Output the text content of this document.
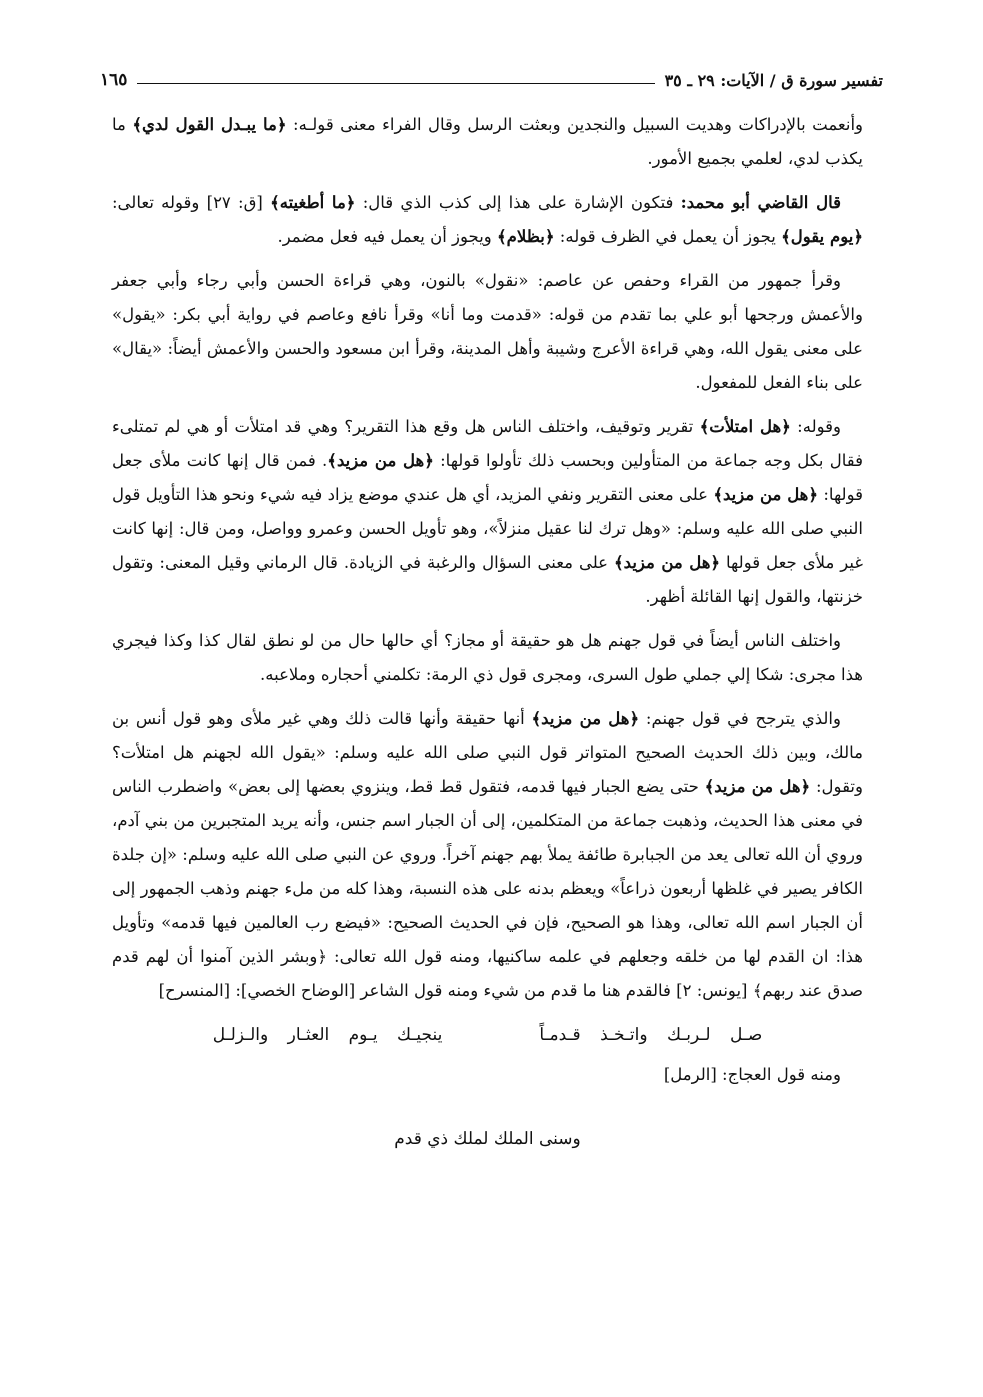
تفسير سورة ق / الآيات: ٢٩ ـ ٣٥
١٦٥

وأنعمت بالإدراكات وهديت السبيل والنجدين وبعثت الرسل وقال الفراء معنى قولـه: ﴿ما يبـدل القول لدي﴾ ما يكذب لدي، لعلمي بجميع الأمور.

قال القاضي أبو محمد: فتكون الإشارة على هذا إلى كذب الذي قال: ﴿ما أطغيته﴾ [ق: ٢٧] وقوله تعالى: ﴿يوم يقول﴾ يجوز أن يعمل في الظرف قوله: ﴿بظلام﴾ ويجوز أن يعمل فيه فعل مضمر.

وقرأ جمهور من القراء وحفص عن عاصم: «نقول» بالنون، وهي قراءة الحسن وأبي رجاء وأبي جعفر والأعمش ورجحها أبو علي بما تقدم من قوله: «قدمت وما أنا» وقرأ نافع وعاصم في رواية أبي بكر: «يقول» على معنى يقول الله، وهي قراءة الأعرج وشيبة وأهل المدينة، وقرأ ابن مسعود والحسن والأعمش أيضاً: «يقال» على بناء الفعل للمفعول.

وقوله: ﴿هل امتلأت﴾ تقرير وتوقيف، واختلف الناس هل وقع هذا التقرير؟ وهي قد امتلأت أو هي لم تمتلىء فقال بكل وجه جماعة من المتأولين وبحسب ذلك تأولوا قولها: ﴿هل من مزيد﴾. فمن قال إنها كانت ملأى جعل قولها: ﴿هل من مزيد﴾ على معنى التقرير ونفي المزيد، أي هل عندي موضع يزاد فيه شيء ونحو هذا التأويل قول النبي صلى الله عليه وسلم: «وهل ترك لنا عقيل منزلاً»، وهو تأويل الحسن وعمرو وواصل، ومن قال: إنها كانت غير ملأى جعل قولها ﴿هل من مزيد﴾ على معنى السؤال والرغبة في الزيادة. قال الرماني وقيل المعنى: وتقول خزنتها، والقول إنها القائلة أظهر.

واختلف الناس أيضاً في قول جهنم هل هو حقيقة أو مجاز؟ أي حالها حال من لو نطق لقال كذا وكذا فيجري هذا مجرى: شكا إلي جملي طول السرى، ومجرى قول ذي الرمة: تكلمني أحجاره وملاعبه.

والذي يترجح في قول جهنم: ﴿هل من مزيد﴾ أنها حقيقة وأنها قالت ذلك وهي غير ملأى وهو قول أنس بن مالك، وبين ذلك الحديث الصحيح المتواتر قول النبي صلى الله عليه وسلم: «يقول الله لجهنم هل امتلأت؟ وتقول: ﴿هل من مزيد﴾ حتى يضع الجبار فيها قدمه، فتقول قط قط، وينزوي بعضها إلى بعض» واضطرب الناس في معنى هذا الحديث، وذهبت جماعة من المتكلمين، إلى أن الجبار اسم جنس، وأنه يريد المتجبرين من بني آدم، وروي أن الله تعالى يعد من الجبابرة طائفة يملأ بهم جهنم آخراً. وروي عن النبي صلى الله عليه وسلم: «إن جلدة الكافر يصير في غلظها أربعون ذراعاً» ويعظم بدنه على هذه النسبة، وهذا كله من ملء جهنم وذهب الجمهور إلى أن الجبار اسم الله تعالى، وهذا هو الصحيح، فإن في الحديث الصحيح: «فيضع رب العالمين فيها قدمه» وتأويل هذا: ان القدم لها من خلقه وجعلهم في علمه ساكنيها، ومنه قول الله تعالى: ﴿وبشر الذين آمنوا أن لهم قدم صدق عند ربهم﴾ [يونس: ٢] فالقدم هنا ما قدم من شيء ومنه قول الشاعر [الوضاح الخصي]: [المنسرح]

صـل لـربـك واتـخـذ قـدمـاً     ينجيـك يـوم العثـار والـزلـل

ومنه قول العجاج: [الرمل]

وسنى الملك لملك ذي قدم
